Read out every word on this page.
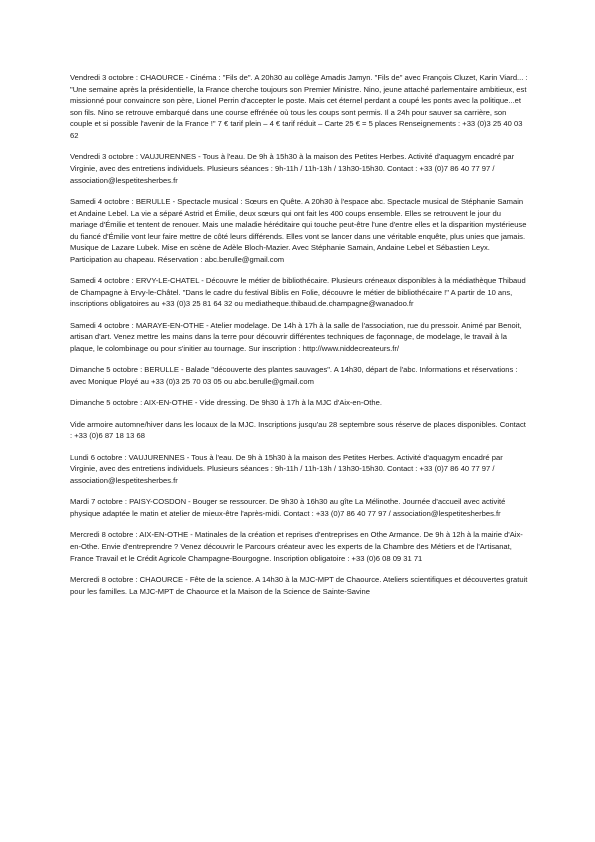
Vendredi 3 octobre : CHAOURCE - Cinéma : "Fils de". A 20h30 au collège Amadis Jamyn. "Fils de" avec François Cluzet, Karin Viard... : "Une semaine après la présidentielle, la France cherche toujours son Premier Ministre. Nino, jeune attaché parlementaire ambitieux, est missionné pour convaincre son père, Lionel Perrin d'accepter le poste. Mais cet éternel perdant a coupé les ponts avec la politique...et son fils. Nino se retrouve embarqué dans une course effrénée où tous les coups sont permis. Il a 24h pour sauver sa carrière, son couple et si possible l'avenir de la France !" 7 € tarif plein – 4 € tarif réduit – Carte 25 € = 5 places Renseignements : +33 (0)3 25 40 03 62

Vendredi 3 octobre : VAUJURENNES - Tous à l'eau. De 9h à 15h30 à la maison des Petites Herbes. Activité d'aquagym encadré par Virginie, avec des entretiens individuels. Plusieurs séances : 9h-11h / 11h-13h / 13h30-15h30. Contact : +33 (0)7 86 40 77 97 / association@lespetitesherbes.fr

Samedi 4 octobre : BERULLE - Spectacle musical : Sœurs en Quête. A 20h30 à l'espace abc. Spectacle musical de Stéphanie Samain et Andaine Lebel. La vie a séparé Astrid et Émilie, deux sœurs qui ont fait les 400 coups ensemble. Elles se retrouvent le jour du mariage d'Émilie et tentent de renouer. Mais une maladie héréditaire qui touche peut-être l'une d'entre elles et la disparition mystérieuse du fiancé d'Émilie vont leur faire mettre de côté leurs différends. Elles vont se lancer dans une véritable enquête, plus unies que jamais. Musique de Lazare Lubek. Mise en scène de Adèle Bloch-Mazier. Avec Stéphanie Samain, Andaine Lebel et Sébastien Leyx. Participation au chapeau. Réservation : abc.berulle@gmail.com

Samedi 4 octobre : ERVY-LE-CHATEL - Découvre le métier de bibliothécaire. Plusieurs créneaux disponibles à la médiathèque Thibaud de Champagne à Ervy-le-Châtel. "Dans le cadre du festival Biblis en Folie, découvre le métier de bibliothécaire !" A partir de 10 ans, inscriptions obligatoires au +33 (0)3 25 81 64 32 ou mediatheque.thibaud.de.champagne@wanadoo.fr

Samedi 4 octobre : MARAYE-EN-OTHE - Atelier modelage. De 14h à 17h à la salle de l'association, rue du pressoir. Animé par Benoit, artisan d'art. Venez mettre les mains dans la terre pour découvrir différentes techniques de façonnage, de modelage, le travail à la plaque, le colombinage ou pour s'initier au tournage. Sur inscription : http://www.niddecreateurs.fr/

Dimanche 5 octobre : BERULLE - Balade "découverte des plantes sauvages". A 14h30, départ de l'abc. Informations et réservations : avec Monique Ployé au +33 (0)3 25 70 03 05 ou abc.berulle@gmail.com

Dimanche 5 octobre : AIX-EN-OTHE - Vide dressing. De 9h30 à 17h à la MJC d'Aix-en-Othe.

Vide armoire automne/hiver dans les locaux de la MJC. Inscriptions jusqu'au 28 septembre sous réserve de places disponibles. Contact : +33 (0)6 87 18 13 68

Lundi 6 octobre : VAUJURENNES - Tous à l'eau. De 9h à 15h30 à la maison des Petites Herbes. Activité d'aquagym encadré par Virginie, avec des entretiens individuels. Plusieurs séances : 9h-11h / 11h-13h / 13h30-15h30. Contact : +33 (0)7 86 40 77 97 / association@lespetitesherbes.fr

Mardi 7 octobre : PAISY-COSDON - Bouger se ressourcer. De 9h30 à 16h30 au gîte La Mélinothe. Journée d'accueil avec activité physique adaptée le matin et atelier de mieux-être l'après-midi. Contact : +33 (0)7 86 40 77 97 / association@lespetitesherbes.fr

Mercredi 8 octobre : AIX-EN-OTHE - Matinales de la création et reprises d'entreprises en Othe Armance. De 9h à 12h à la mairie d'Aix-en-Othe. Envie d'entreprendre ? Venez découvrir le Parcours créateur avec les experts de la Chambre des Métiers et de l'Artisanat, France Travail et le Crédit Agricole Champagne-Bourgogne. Inscription obligatoire : +33 (0)6 08 09 31 71

Mercredi 8 octobre : CHAOURCE - Fête de la science. A 14h30 à la MJC-MPT de Chaource. Ateliers scientifiques et découvertes gratuit pour les familles. La MJC-MPT de Chaource et la Maison de la Science de Sainte-Savine
